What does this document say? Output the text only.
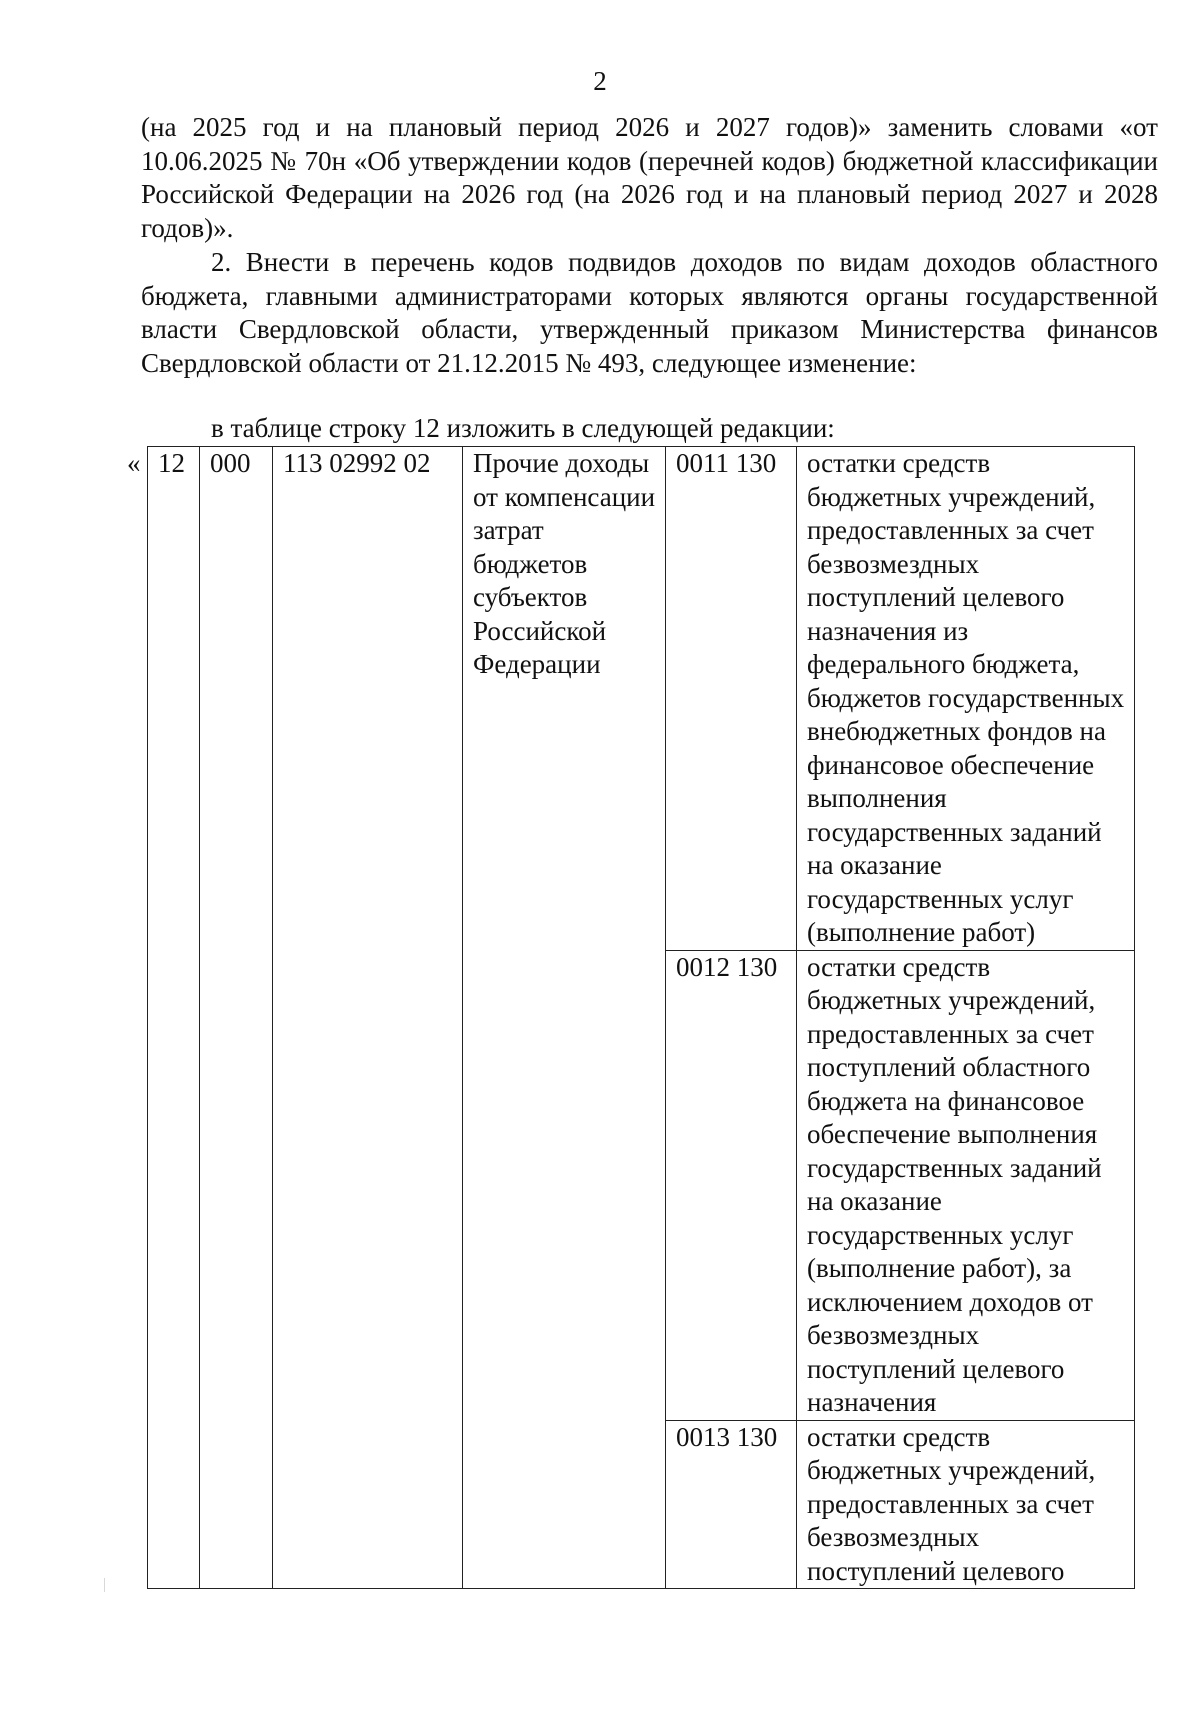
2
(на 2025 год и на плановый период 2026 и 2027 годов)» заменить словами «от 10.06.2025 № 70н «Об утверждении кодов (перечней кодов) бюджетной классификации Российской Федерации на 2026 год (на 2026 год и на плановый период 2027 и 2028 годов)».
2. Внести в перечень кодов подвидов доходов по видам доходов областного бюджета, главными администраторами которых являются органы государственной власти Свердловской области, утвержденный приказом Министерства финансов Свердловской области от 21.12.2015 № 493, следующее изменение:
в таблице строку 12 изложить в следующей редакции:
« 12	000	113 02992 02	Прочие доходы от компенсации затрат бюджетов субъектов Российской Федерации	0011 130	остатки средств бюджетных учреждений, предоставленных за счет безвозмездных поступлений целевого назначения из федерального бюджета, бюджетов государственных внебюджетных фондов на финансовое обеспечение выполнения государственных заданий на оказание государственных услуг (выполнение работ)
				0012 130	остатки средств бюджетных учреждений, предоставленных за счет поступлений областного бюджета на финансовое обеспечение выполнения государственных заданий на оказание государственных услуг (выполнение работ), за исключением доходов от безвозмездных поступлений целевого назначения
				0013 130	остатки средств бюджетных учреждений, предоставленных за счет безвозмездных поступлений целевого
